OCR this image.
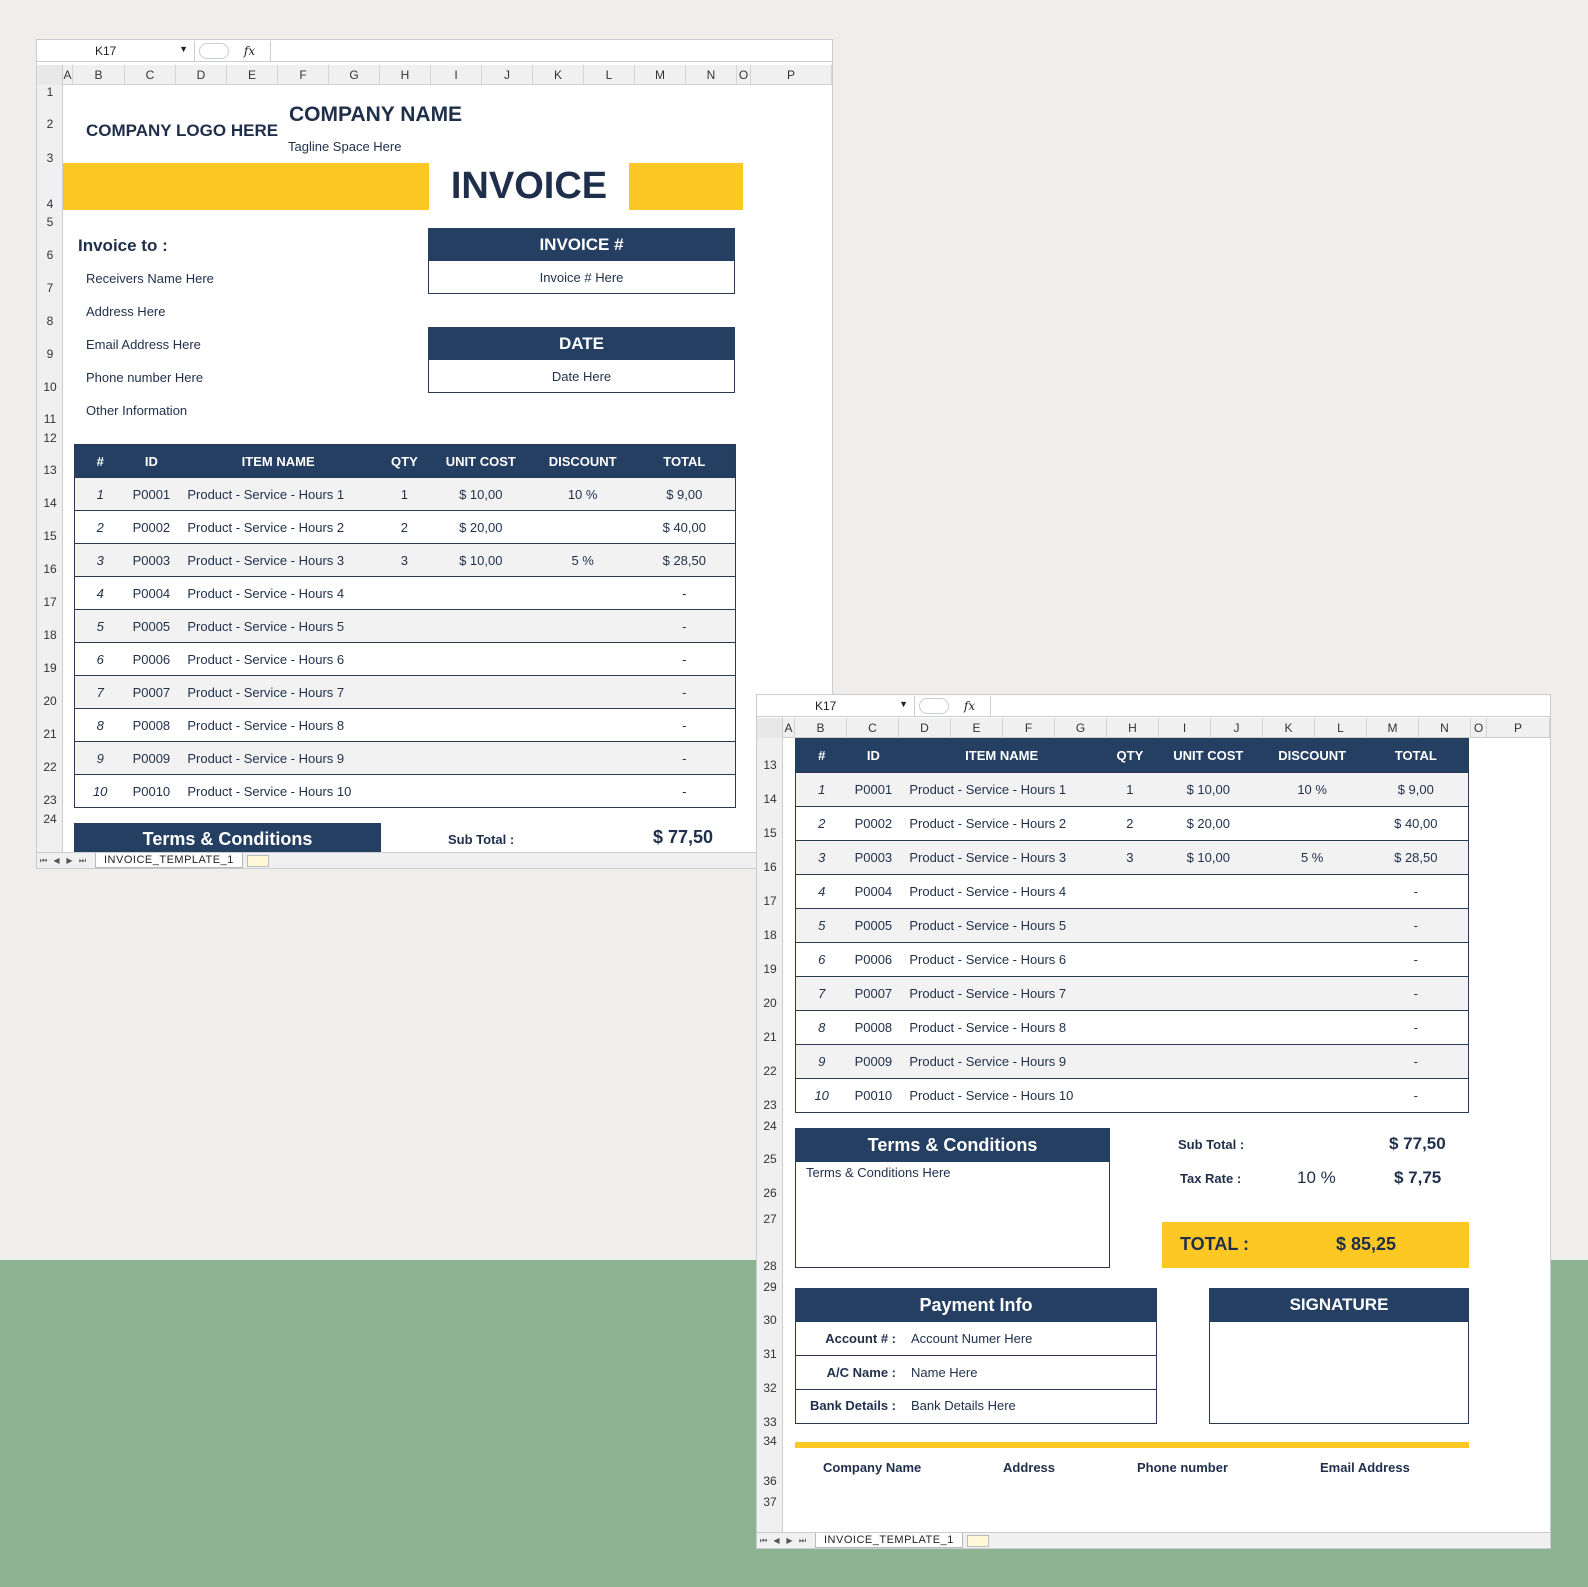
K17	▼	fx
A	B	C	D	E	F	G	H	I	J	K	L	M	N	O	P
1
2
3
4
5
6
7
8
9
10
11
12
13
14
15
16
17
18
19
20
21
22
23
24
COMPANY LOGO HERE
COMPANY NAME
Tagline Space Here
INVOICE
Invoice to :
Receivers Name Here
Address Here
Email Address Here
Phone number Here
Other Information
INVOICE #
Invoice # Here
DATE
Date Here
#	ID	ITEM NAME	QTY	UNIT COST	DISCOUNT	TOTAL
1	P0001	Product - Service - Hours 1	1	$ 10,00	10 %	$ 9,00
2	P0002	Product - Service - Hours 2	2	$ 20,00		$ 40,00
3	P0003	Product - Service - Hours 3	3	$ 10,00	5 %	$ 28,50
4	P0004	Product - Service - Hours 4				-
5	P0005	Product - Service - Hours 5				-
6	P0006	Product - Service - Hours 6				-
7	P0007	Product - Service - Hours 7				-
8	P0008	Product - Service - Hours 8				-
9	P0009	Product - Service - Hours 9				-
10	P0010	Product - Service - Hours 10				-
Terms & Conditions	Sub Total :	$ 77,50
⏮ ◀ ▶ ⏭	INVOICE_TEMPLATE_1
K17	▼	fx
A	B	C	D	E	F	G	H	I	J	K	L	M	N	O	P
13
14
15
16
17
18
19
20
21
22
23
24
25
26
27
28
29
30
31
32
33
34
36
37
#	ID	ITEM NAME	QTY	UNIT COST	DISCOUNT	TOTAL
1	P0001	Product - Service - Hours 1	1	$ 10,00	10 %	$ 9,00
2	P0002	Product - Service - Hours 2	2	$ 20,00		$ 40,00
3	P0003	Product - Service - Hours 3	3	$ 10,00	5 %	$ 28,50
4	P0004	Product - Service - Hours 4				-
5	P0005	Product - Service - Hours 5				-
6	P0006	Product - Service - Hours 6				-
7	P0007	Product - Service - Hours 7				-
8	P0008	Product - Service - Hours 8				-
9	P0009	Product - Service - Hours 9				-
10	P0010	Product - Service - Hours 10				-
Terms & Conditions
Terms & Conditions Here
Sub Total :	$ 77,50
Tax Rate :	10 %	$ 7,75
TOTAL :	$ 85,25
Payment Info
Account # : Account Numer Here
A/C Name : Name Here
Bank Details : Bank Details Here
SIGNATURE
Company Name	Address	Phone number	Email Address
⏮ ◀ ▶ ⏭	INVOICE_TEMPLATE_1
